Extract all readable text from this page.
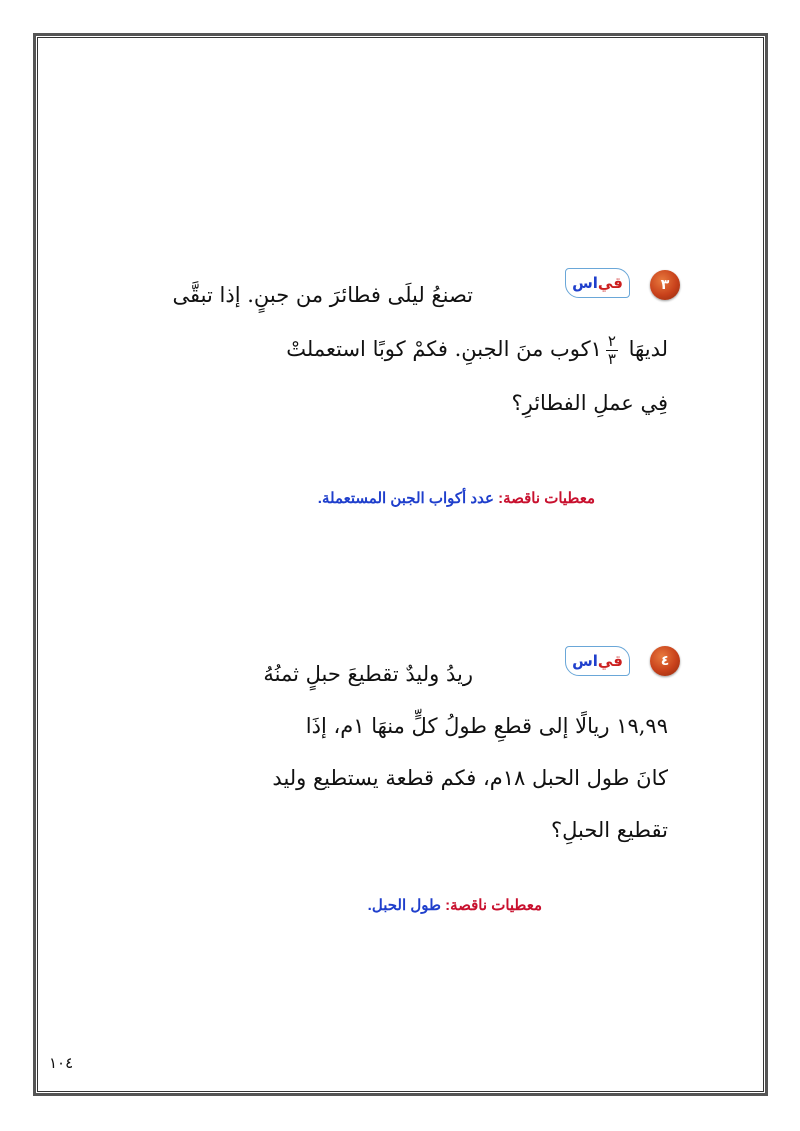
٣
قي
اس
تصنعُ ليلَى فطائرَ من جبنٍ. إذا تبقَّى
لديهَا
$\frac{٢}{٣}$
١كوب منَ الجبنِ. فكمْ كوبًا استعملتْ
فِي عملِ الفطائرِ؟
معطيات ناقصة: عدد أكواب الجبن المستعملة.
٤
قي
اس
ريدُ وليدٌ تقطيعَ حبلٍ ثمنُهُ
١٩,٩٩ ريالًا إلى قطعِ طولُ كلٍّ منهَا ١م، إذَا
كانَ طول الحبل ١٨م، فكم قطعة يستطيع وليد
تقطيع الحبلِ؟
معطيات ناقصة: طول الحبل.
١٠٤
